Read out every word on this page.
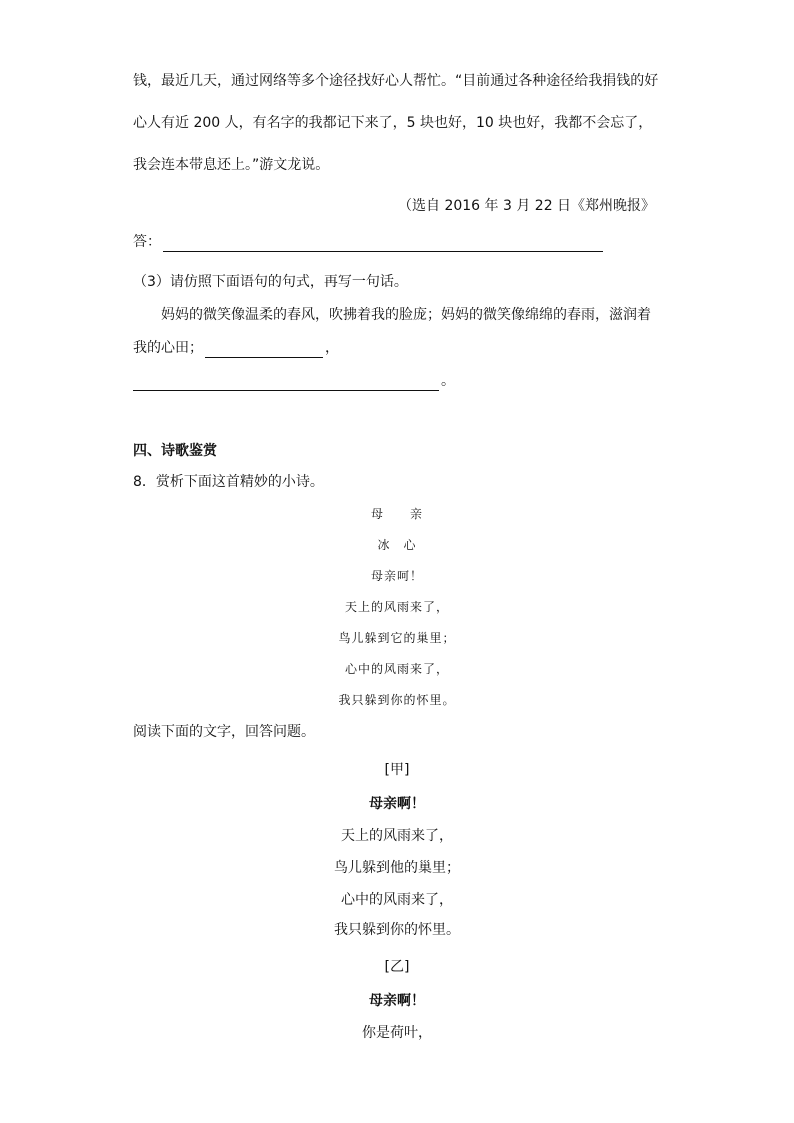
钱，最近几天，通过网络等多个途径找好心人帮忙。“目前通过各种途径给我捐钱的好
心人有近 200 人，有名字的我都记下来了，5 块也好，10 块也好，我都不会忘了，
我会连本带息还上。”游文龙说。
（选自 2016 年 3 月 22 日《郑州晚报》
答：
（3）请仿照下面语句的句式，再写一句话。
妈妈的微笑像温柔的春风，吹拂着我的脸庞；妈妈的微笑像绵绵的春雨，滋润着
我的心田；	，
。
四、诗歌鉴赏
8．赏析下面这首精妙的小诗。
母　　亲
冰　心
母亲呵！
天上的风雨来了，
鸟儿躲到它的巢里；
心中的风雨来了，
我只躲到你的怀里。
阅读下面的文字，回答问题。
[甲]
母亲啊！
天上的风雨来了，
鸟儿躲到他的巢里；
心中的风雨来了，
我只躲到你的怀里。
[乙]
母亲啊！
你是荷叶，
